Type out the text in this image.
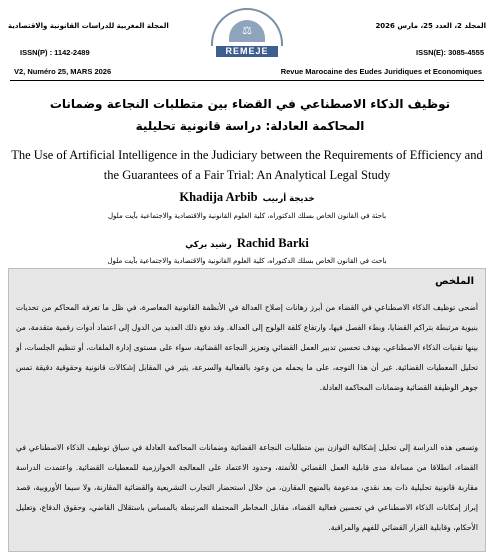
المجلة المغربية للدراسات القانونية والاقتصادية	المجلد 2، العدد 25، مارس 2026
ISSN(P) : 1142-2489	ISSN(E): 3085-4555
⚖
REMEJE
V2, Numéro 25, MARS 2026	Revue Marocaine des Eudes Juridiques et Economiques
توظيف الذكاء الاصطناعي في القضاء بين متطلبات النجاعة وضمانات المحاكمة العادلة: دراسة قانونية تحليلية
The Use of Artificial Intelligence in the Judiciary between the Requirements of Efficiency and the Guarantees of a Fair Trial: An Analytical Legal Study
Khadija Arbib خديجة أربيب
باحثة في القانون الخاص بسلك الدكتوراه، كلية العلوم القانونية والاقتصادية والاجتماعية بآيت ملول
رشيد بركي Rachid Barki
باحث في القانون الخاص بسلك الدكتوراه، كلية العلوم القانونية والاقتصادية والاجتماعية بآيت ملول
الملخص
أضحى توظيف الذكاء الاصطناعي في القضاء من أبرز رهانات إصلاح العدالة في الأنظمة القانونية المعاصرة، في ظل ما تعرفه المحاكم من تحديات بنيوية مرتبطة بتراكم القضايا، وبطء الفصل فيها، وارتفاع كلفة الولوج إلى العدالة. وقد دفع ذلك العديد من الدول إلى اعتماد أدوات رقمية متقدمة، من بينها تقنيات الذكاء الاصطناعي، بهدف تحسين تدبير العمل القضائي وتعزيز النجاعة القضائية، سواء على مستوى إدارة الملفات، أو تنظيم الجلسات، أو تحليل المعطيات القضائية. غير أن هذا التوجه، على ما يحمله من وعود بالفعالية والسرعة، يثير في المقابل إشكالات قانونية وحقوقية دقيقة تمس جوهر الوظيفة القضائية وضمانات المحاكمة العادلة.
وتسعى هذه الدراسة إلى تحليل إشكالية التوازن بين متطلبات النجاعة القضائية وضمانات المحاكمة العادلة في سياق توظيف الذكاء الاصطناعي في القضاء، انطلاقا من مساءلة مدى قابلية العمل القضائي للأتمتة، وحدود الاعتماد على المعالجة الخوارزمية للمعطيات القضائية. واعتمدت الدراسة مقاربة قانونية تحليلية ذات بعد نقدي، مدعومة بالمنهج المقارن، من خلال استحضار التجارب التشريعية والقضائية المقارنة، ولا سيما الأوروبية، قصد إبراز إمكانات الذكاء الاصطناعي في تحسين فعالية القضاء، مقابل المخاطر المحتملة المرتبطة بالمساس باستقلال القاضي، وحقوق الدفاع، وتعليل الأحكام، وقابلية القرار القضائي للفهم والمراقبة.
